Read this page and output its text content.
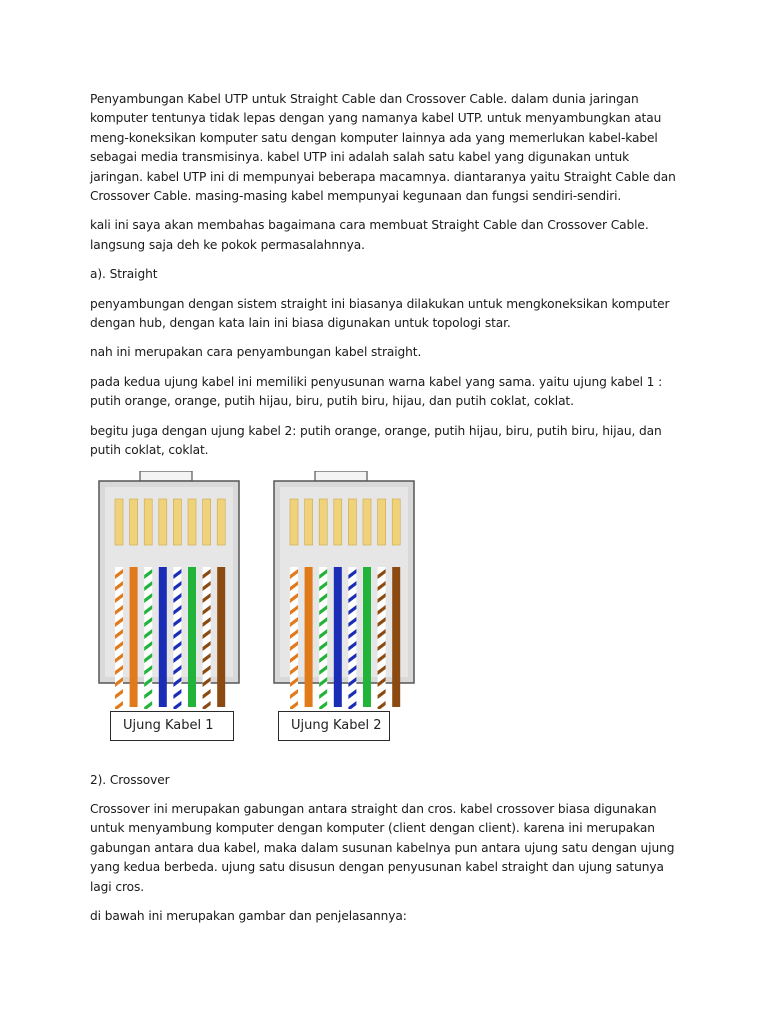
Penyambungan Kabel UTP untuk Straight Cable dan Crossover Cable. dalam dunia jaringan komputer tentunya tidak lepas dengan yang namanya kabel UTP. untuk menyambungkan atau meng-koneksikan komputer satu dengan komputer lainnya ada yang memerlukan kabel-kabel sebagai media transmisinya. kabel UTP ini adalah salah satu kabel yang digunakan untuk jaringan. kabel UTP ini di mempunyai beberapa macamnya. diantaranya yaitu Straight Cable dan Crossover Cable. masing-masing kabel mempunyai kegunaan dan fungsi sendiri-sendiri.

kali ini saya akan membahas bagaimana cara membuat Straight Cable dan Crossover Cable. langsung saja deh ke pokok permasalahnnya.

a). Straight

penyambungan dengan sistem straight ini biasanya dilakukan untuk mengkoneksikan komputer dengan hub, dengan kata lain ini biasa digunakan untuk topologi star.

nah ini merupakan cara penyambungan kabel straight.

pada kedua ujung kabel ini memiliki penyusunan warna kabel yang sama. yaitu ujung kabel 1 : putih orange, orange, putih hijau, biru, putih biru, hijau, dan putih coklat, coklat.

begitu juga dengan ujung kabel 2: putih orange, orange, putih hijau, biru, putih biru, hijau, dan putih coklat, coklat.

Ujung Kabel 1	Ujung Kabel 2

2). Crossover

Crossover ini merupakan gabungan antara straight dan cros. kabel crossover biasa digunakan untuk menyambung komputer dengan komputer (client dengan client). karena ini merupakan gabungan antara dua kabel, maka dalam susunan kabelnya pun antara ujung satu dengan ujung yang kedua berbeda. ujung satu disusun dengan penyusunan kabel straight dan ujung satunya lagi cros.

di bawah ini merupakan gambar dan penjelasannya:
